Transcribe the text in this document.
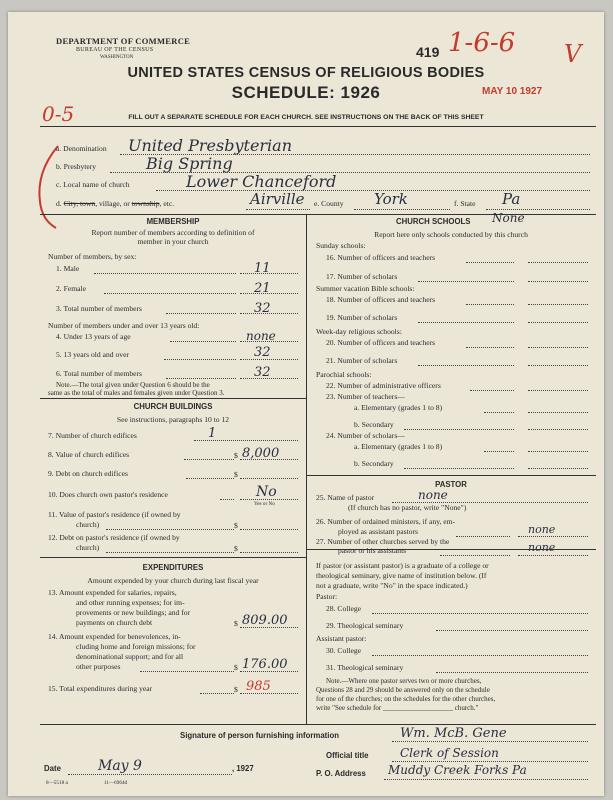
DEPARTMENT OF COMMERCE
BUREAU OF THE CENSUS
WASHINGTON	419 1-6-6 V
UNITED STATES CENSUS OF RELIGIOUS BODIES
SCHEDULE: 1926	MAY 10 1927
0-5	FILL OUT A SEPARATE SCHEDULE FOR EACH CHURCH. SEE INSTRUCTIONS ON THE BACK OF THIS SHEET
a. Denomination United Presbyterian
b. Presbytery	Big Spring
c. Local name of church	Lower Chanceford
d. City, town, village, or township, etc.	Airville e. County York	f. State Pa
MEMBERSHIP
Report number of members according to definition of
member in your church
Number of members, by sex:
1. Male	11
2. Female	21
3. Total number of members	32
Number of members under and over 13 years old:
4. Under 13 years of age	none
5. 13 years old and over	32
6. Total number of members	32
Note.—The total given under Question 6 should be the
same as the total of males and females given under Question 3.
CHURCH BUILDINGS
See instructions, paragraphs 10 to 12
7. Number of church edifices	1
8. Value of church edifices	$ 8,000
9. Debt on church edifices	$
10. Does church own pastor's residence	No
Yes or No
11. Value of pastor's residence (if owned by
church)	$
12. Debt on pastor's residence (if owned by
church)	$
EXPENDITURES
Amount expended by your church during last fiscal year
13. Amount expended for salaries, repairs,
and other running expenses; for im-
provements or new buildings; and for
payments on church debt	$ 809.00
14. Amount expended for benevolences, in-
cluding home and foreign missions; for
denominational support; and for all
other purposes	$ 176.00
15. Total expenditures during year	$ 985
CHURCH SCHOOLS None
Report here only schools conducted by this church
Sunday schools:
16. Number of officers and teachers
17. Number of scholars
Summer vacation Bible schools:
18. Number of officers and teachers
19. Number of scholars
Week-day religious schools:
20. Number of officers and teachers
21. Number of scholars
Parochial schools:
22. Number of administrative officers
23. Number of teachers—
a. Elementary (grades 1 to 8)
b. Secondary
24. Number of scholars—
a. Elementary (grades 1 to 8)
b. Secondary
PASTOR
25. Name of pastor	none
(If church has no pastor, write "None")
26. Number of ordained ministers, if any, em-
ployed as assistant pastors	none
27. Number of other churches served by the
pastor or his assistants	none
If pastor (or assistant pastor) is a graduate of a college or
theological seminary, give name of institution below. (If
not a graduate, write "No" in the space indicated.)
Pastor:
28. College
29. Theological seminary
Assistant pastor:
30. College
31. Theological seminary
Note.—Where one pastor serves two or more churches,
Questions 28 and 29 should be answered only on the schedule
for one of the churches; on the schedules for the other churches,
write "See schedule for ____________________ church."
Signature of person furnishing information	Wm. McB. Gene
Official title	Clerk of Session
Date	May 9	, 1927
P. O. Address Muddy Creek Forks Pa
8—5518 a	11—6964d
